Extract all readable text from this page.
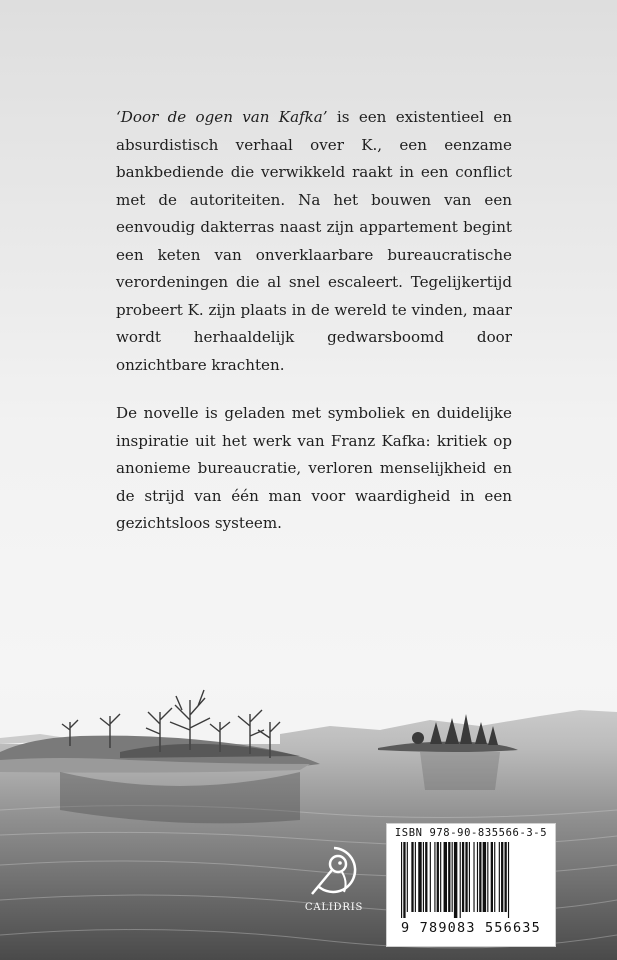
‘Door de ogen van Kafka’ is een existentieel en absurdistisch verhaal over K., een eenzame bankbediende die verwikkeld raakt in een conflict met de autoriteiten. Na het bouwen van een eenvoudig dakterras naast zijn appartement begint een keten van onverklaarbare bureaucratische verordeningen die al snel escaleert. Tegelijkertijd probeert K. zijn plaats in de wereld te vinden, maar wordt herhaaldelijk gedwarsboomd door onzichtbare krachten.

De novelle is geladen met symboliek en duidelijke inspiratie uit het werk van Franz Kafka: kritiek op anonieme bureaucratie, verloren menselijkheid en de strijd van één man voor waardigheid in een gezichtsloos systeem.

CALIDRIS
ISBN 978-90-835566-3-5
9 789083 556635
